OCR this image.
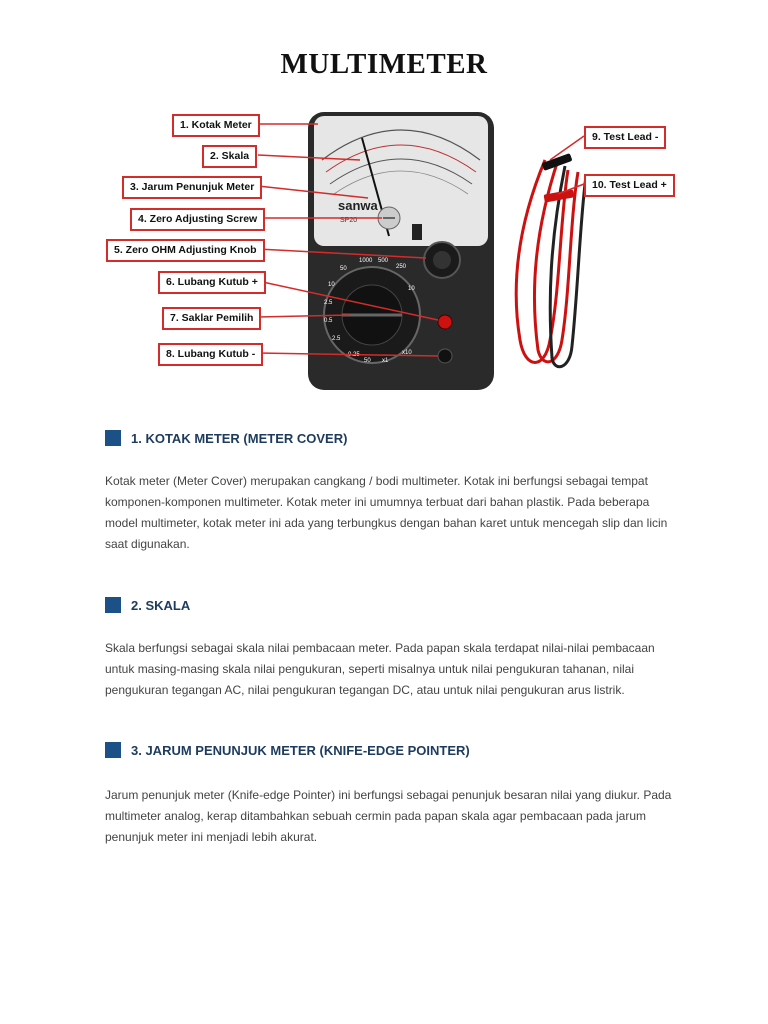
MULTIMETER
sanwa
SP20
1000 500
250
50
10
2.5
0.5
10
2.5
50 x1
x10
1. Kotak Meter
2. Skala
3. Jarum Penunjuk Meter
4. Zero Adjusting Screw
5. Zero OHM Adjusting Knob
6. Lubang Kutub +
7. Saklar Pemilih
8. Lubang Kutub -
9. Test Lead -
10. Test Lead +
1. KOTAK METER (METER COVER)
Kotak meter (Meter Cover) merupakan cangkang / bodi multimeter. Kotak ini berfungsi sebagai tempat komponen-komponen multimeter. Kotak meter ini umumnya terbuat dari bahan plastik. Pada beberapa model multimeter, kotak meter ini ada yang terbungkus dengan bahan karet untuk mencegah slip dan licin saat digunakan.
2. SKALA
Skala berfungsi sebagai skala nilai pembacaan meter. Pada papan skala terdapat nilai-nilai pembacaan untuk masing-masing skala nilai pengukuran, seperti misalnya untuk nilai pengukuran tahanan, nilai pengukuran tegangan AC, nilai pengukuran tegangan DC, atau untuk nilai pengukuran arus listrik.
3. JARUM PENUNJUK METER (KNIFE-EDGE POINTER)
Jarum penunjuk meter (Knife-edge Pointer) ini berfungsi sebagai penunjuk besaran nilai yang diukur. Pada multimeter analog, kerap ditambahkan sebuah cermin pada papan skala agar pembacaan pada jarum penunjuk meter ini menjadi lebih akurat.
